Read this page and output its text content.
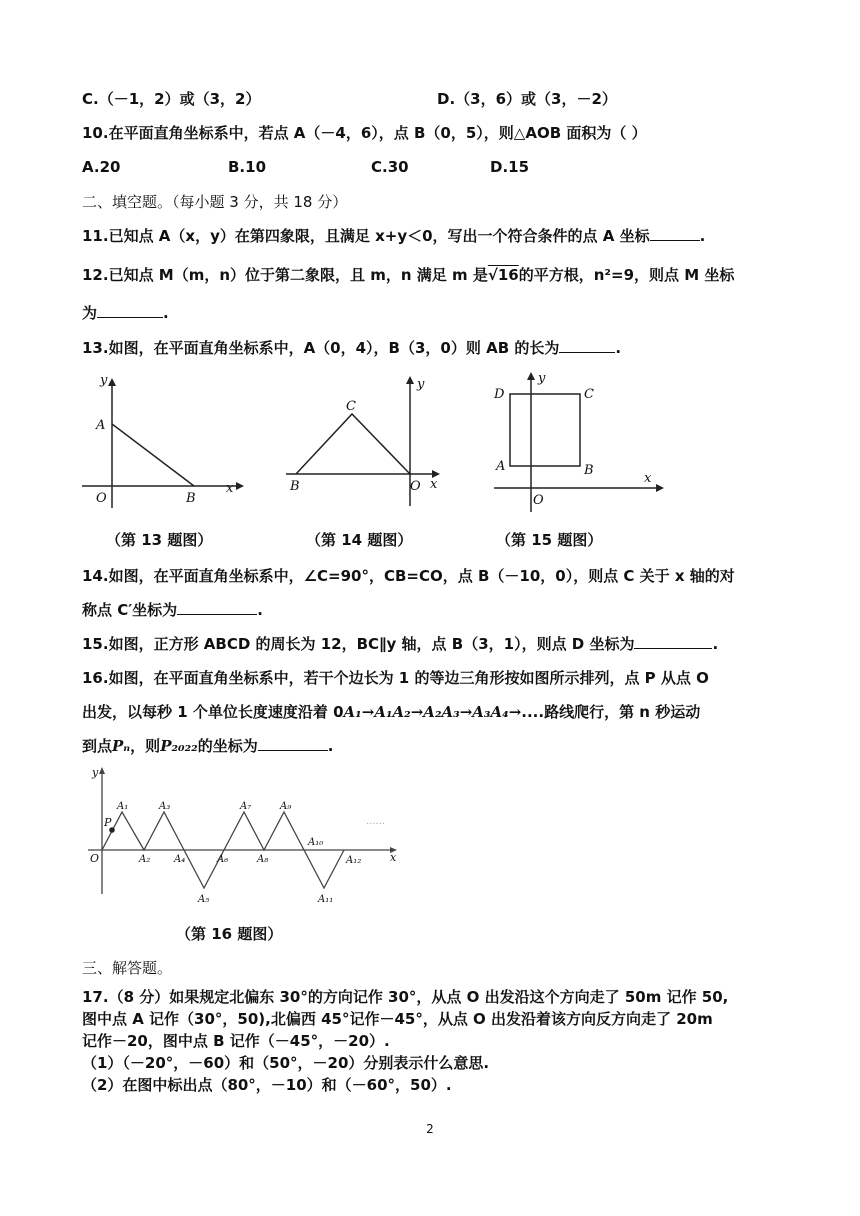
C.（－1，2）或（3，2）	D.（3，6）或（3，－2）
10.在平面直角坐标系中，若点 A（－4，6），点 B（0，5），则△AOB 面积为（ ）
A.20	B.10	C.30	D.15
二、填空题。（每小题 3 分，共 18 分）
11.已知点 A（x，y）在第四象限，且满足 x+y＜0，写出一个符合条件的点 A 坐标	.
12.已知点 M（m，n）位于第二象限，且 m，n 满足 m 是√16的平方根，n²=9，则点 M 坐标
为	.
13.如图，在平面直角坐标系中，A（0，4），B（3，0）则 AB 的长为	.
y
A
O	B
x
C
y
B	O x
y
D	C
A	B
O
x
（第 13 题图）	（第 14 题图）	（第 15 题图）
14.如图，在平面直角坐标系中，∠C=90°，CB=CO，点 B（－10，0），则点 C 关于 x 轴的对
称点 C′坐标为	.
15.如图，正方形 ABCD 的周长为 12，BC∥y 轴，点 B（3，1），则点 D 坐标为	.
16.如图，在平面直角坐标系中，若干个边长为 1 的等边三角形按如图所示排列，点 P 从点 O
出发，以每秒 1 个单位长度速度沿着 0A₁→A₁A₂→A₂A₃→A₃A₄→....路线爬行，第 n 秒运动
到点Pₙ，则P₂₀₂₂的坐标为	.
......
y
x
O
P
A₁
A₂
A₃
A₄
A₅
A₆
A₇
A₈
A₉
A₁₀
A₁₁
A₁₂
（第 16 题图）
三、解答题。
17.（8 分）如果规定北偏东 30°的方向记作 30°，从点 O 出发沿这个方向走了 50m 记作 50,
图中点 A 记作（30°，50),北偏西 45°记作－45°，从点 O 出发沿着该方向反方向走了 20m
记作－20，图中点 B 记作（－45°，－20）.
（1）（－20°，－60）和（50°，－20）分别表示什么意思.
（2）在图中标出点（80°，－10）和（－60°，50）.
2
